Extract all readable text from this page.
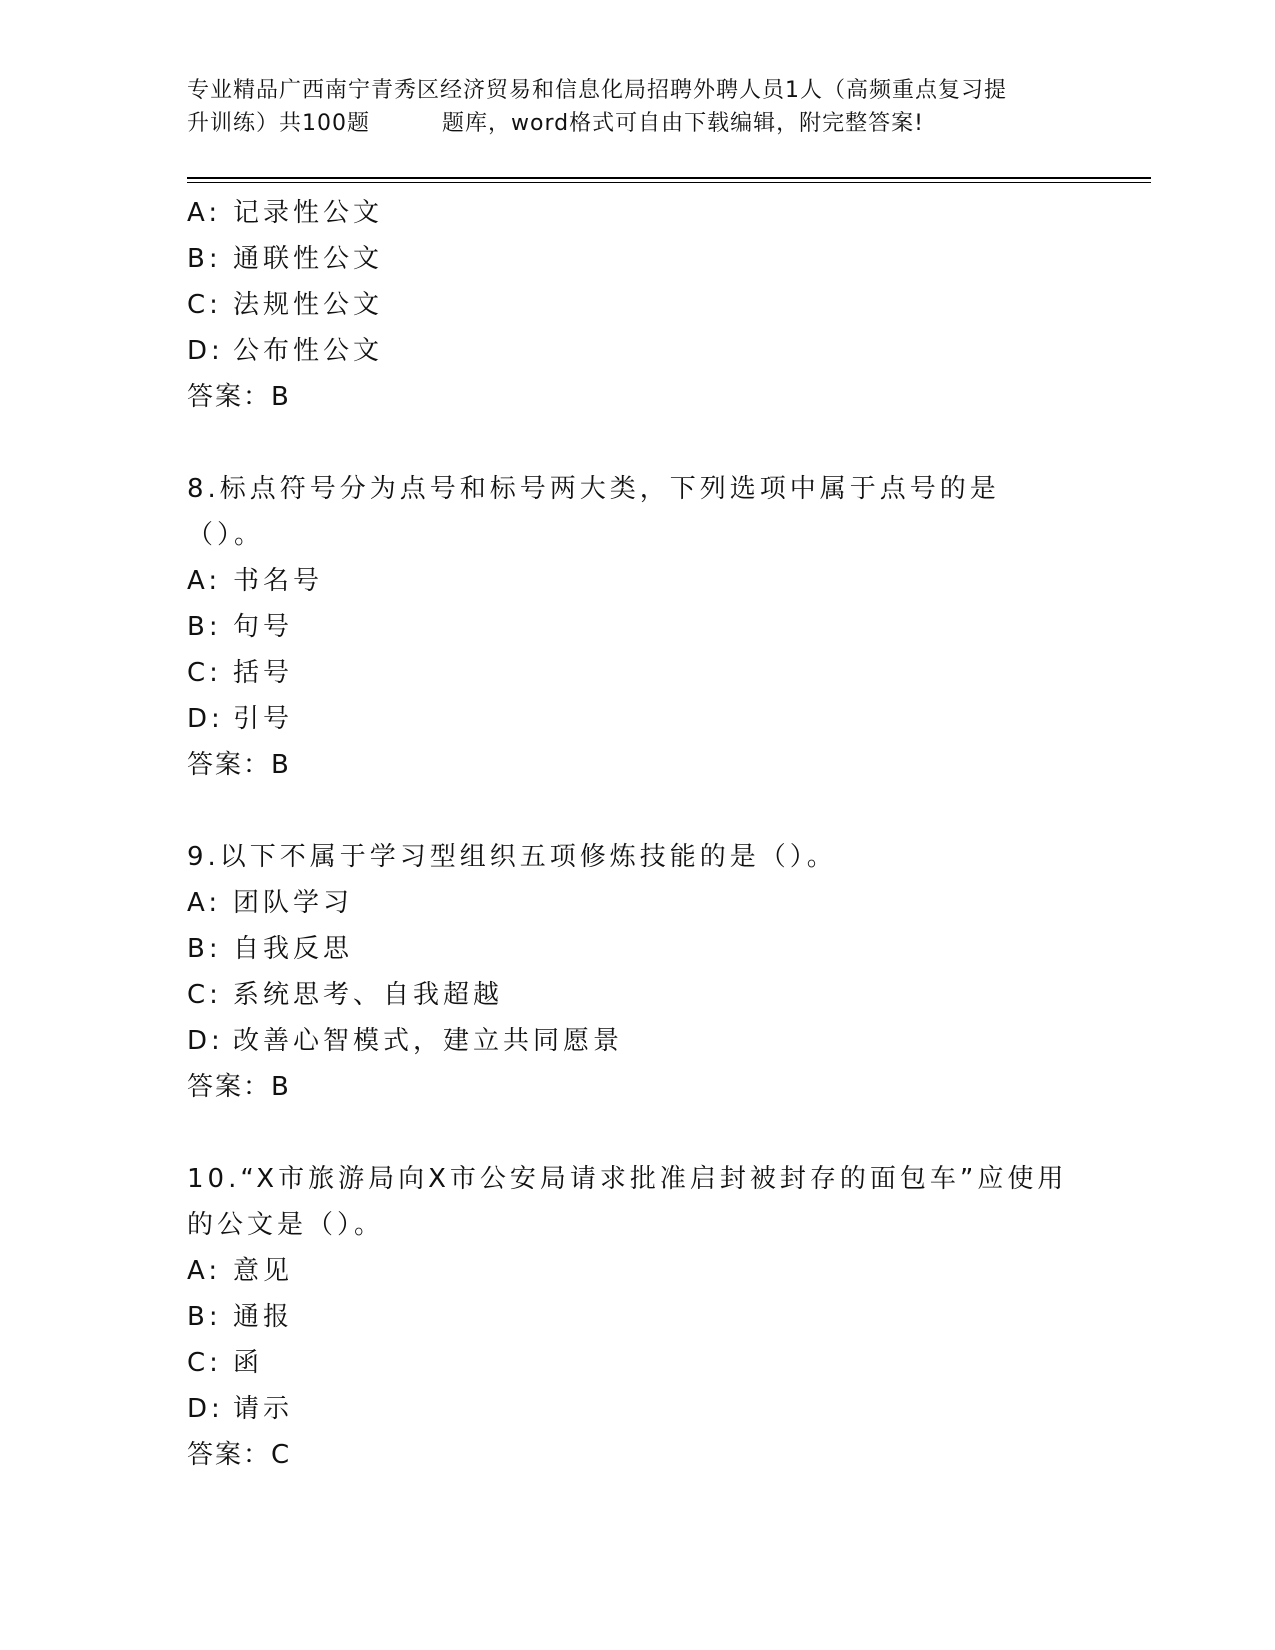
专业精品广西南宁青秀区经济贸易和信息化局招聘外聘人员1人（高频重点复习提
升训练）共100题	题库，word格式可自由下载编辑，附完整答案!
A: 记录性公文
B: 通联性公文
C: 法规性公文
D: 公布性公文
答案：B
8.标点符号分为点号和标号两大类，下列选项中属于点号的是（）。
A: 书名号
B: 句号
C: 括号
D: 引号
答案：B
9.以下不属于学习型组织五项修炼技能的是（）。
A: 团队学习
B: 自我反思
C: 系统思考、自我超越
D: 改善心智模式，建立共同愿景
答案：B
10.“X市旅游局向X市公安局请求批准启封被封存的面包车”应使用
的公文是（）。
A: 意见
B: 通报
C: 函
D: 请示
答案：C
